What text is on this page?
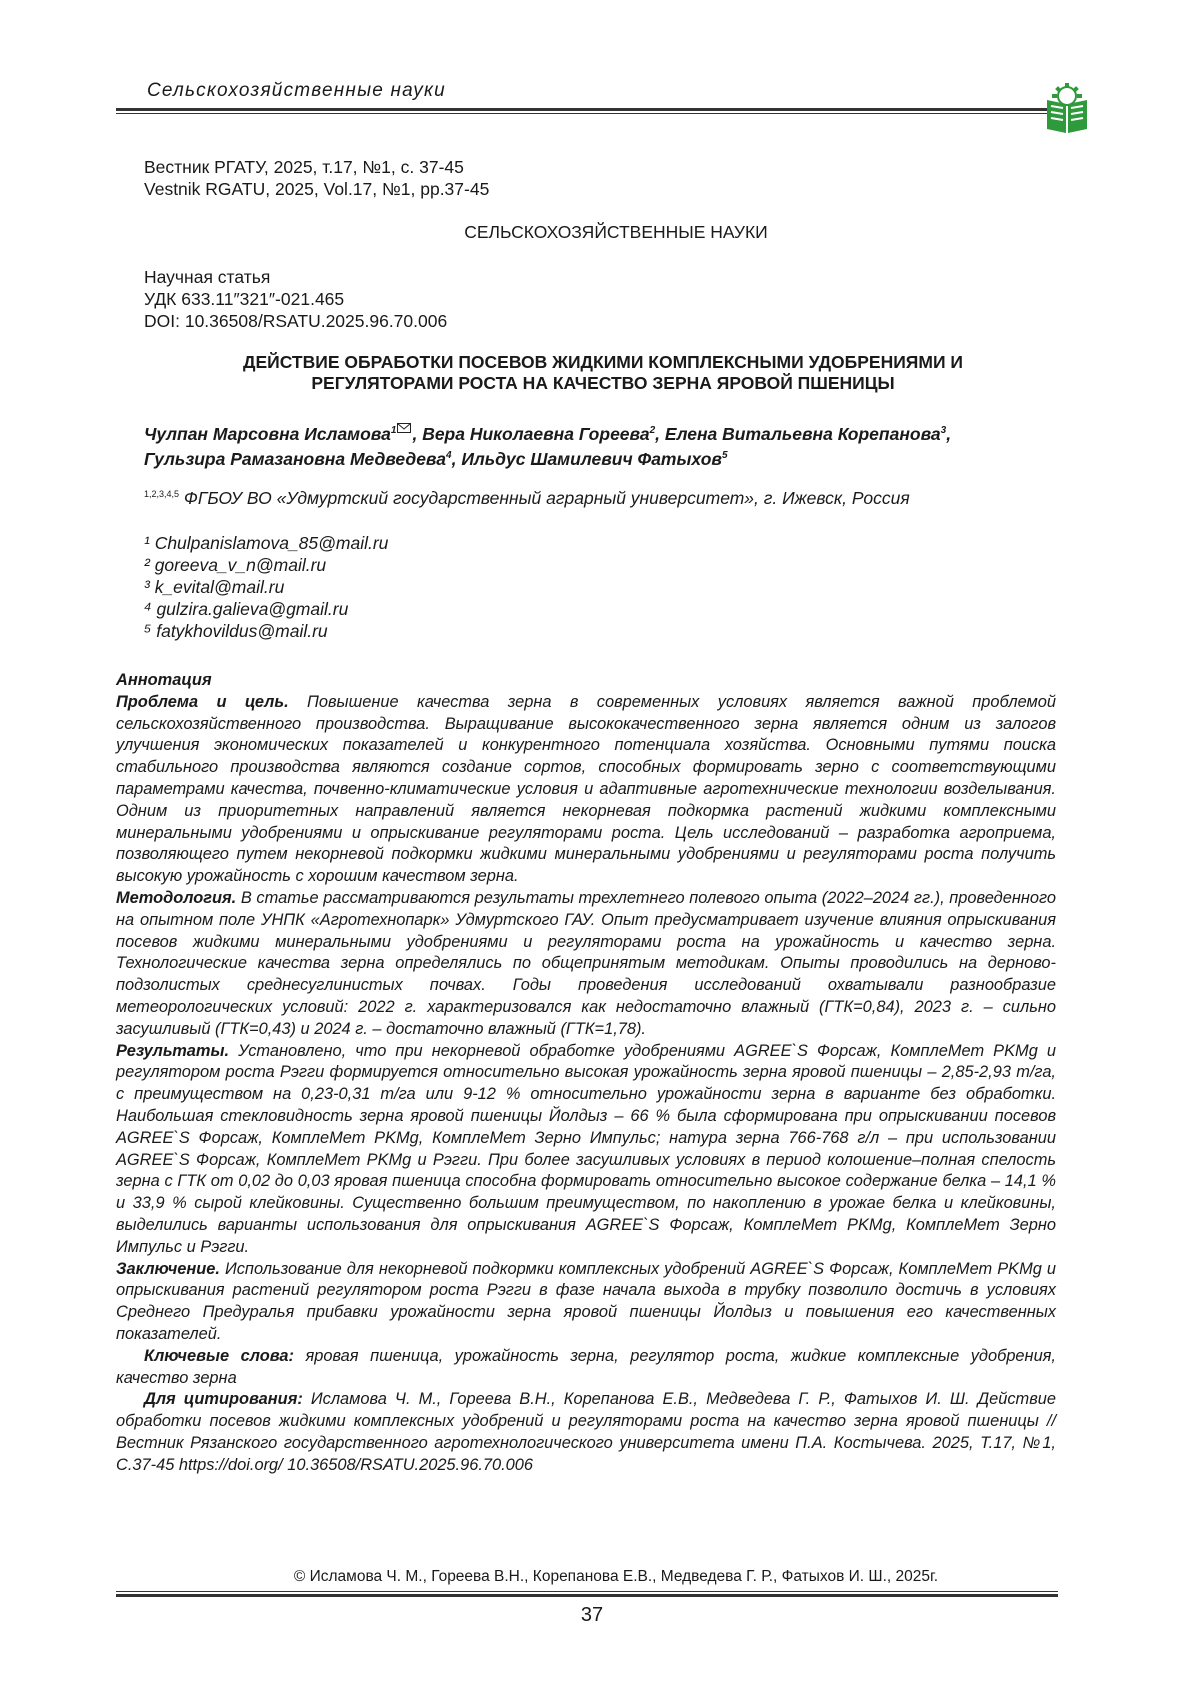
Сельскохозяйственные науки
Вестник РГАТУ, 2025, т.17, №1, с. 37-45
Vestnik RGATU, 2025, Vol.17, №1, pp.37-45
СЕЛЬСКОХОЗЯЙСТВЕННЫЕ НАУКИ
Научная статья
УДК 633.11″321″-021.465
DOI: 10.36508/RSATU.2025.96.70.006
ДЕЙСТВИЕ ОБРАБОТКИ ПОСЕВОВ ЖИДКИМИ КОМПЛЕКСНЫМИ УДОБРЕНИЯМИ И
РЕГУЛЯТОРАМИ РОСТА НА КАЧЕСТВО ЗЕРНА ЯРОВОЙ ПШЕНИЦЫ
Чулпан Марсовна Исламова$^1$ , Вера Николаевна Гореева$^2$, Елена Витальевна Корепанова$^3$,
Гульзира Рамазановна Медведева$^4$, Ильдус Шамилевич Фатыхов$^5$
$^{1,2,3,4,5}$ ФГБОУ ВО «Удмуртский государственный аграрный университет», г. Ижевск, Россия
¹ Chulpanislamova_85@mail.ru
² goreeva_v_n@mail.ru
³ k_evital@mail.ru
⁴ gulzira.galieva@gmail.ru
⁵ fatykhovildus@mail.ru

Аннотация

Проблема и цель. Повышение качества зерна в современных условиях является важной проблемой сельскохозяйственного производства. Выращивание высококачественного зерна является одним из залогов улучшения экономических показателей и конкурентного потенциала хозяйства. Основными путями поиска стабильного производства являются создание сортов, способных формировать зерно с соответствующими параметрами качества, почвенно-климатические условия и адаптивные агротехнические технологии возделывания. Одним из приоритетных направлений является некорневая подкормка растений жидкими комплексными минеральными удобрениями и опрыскивание регуляторами роста. Цель исследований – разработка агроприема, позволяющего путем некорневой подкормки жидкими минеральными удобрениями и регуляторами роста получить высокую урожайность с хорошим качеством зерна.

Методология. В статье рассматриваются результаты трехлетнего полевого опыта (2022–2024 гг.), проведенного на опытном поле УНПК «Агротехнопарк» Удмуртского ГАУ. Опыт предусматривает изучение влияния опрыскивания посевов жидкими минеральными удобрениями и регуляторами роста на урожайность и качество зерна. Технологические качества зерна определялись по общепринятым методикам. Опыты проводились на дерново-подзолистых среднесуглинистых почвах. Годы проведения исследований охватывали разнообразие метеорологических условий: 2022 г. характеризовался как недостаточно влажный (ГТК=0,84), 2023 г. – сильно засушливый (ГТК=0,43) и 2024 г. – достаточно влажный (ГТК=1,78).

Результаты. Установлено, что при некорневой обработке удобрениями AGREE`S Форсаж, КомплеМет PKMg и регулятором роста Рэгги формируется относительно высокая урожайность зерна яровой пшеницы – 2,85-2,93 т/га, с преимуществом на 0,23-0,31 т/га или 9-12 % относительно урожайности зерна в варианте без обработки. Наибольшая стекловидность зерна яровой пшеницы Йолдыз – 66 % была сформирована при опрыскивании посевов AGREE`S Форсаж, КомплеМет PKMg, КомплеМет Зерно Импульс; натура зерна 766-768 г/л – при использовании AGREE`S Форсаж, КомплеМет PKMg и Рэгги. При более засушливых условиях в период колошение–полная спелость зерна с ГТК от 0,02 до 0,03 яровая пшеница способна формировать относительно высокое содержание белка – 14,1 % и 33,9 % сырой клейковины. Существенно большим преимуществом, по накоплению в урожае белка и клейковины, выделились варианты использования для опрыскивания AGREE`S Форсаж, КомплеМет PKMg, КомплеМет Зерно Импульс и Рэгги.

Заключение. Использование для некорневой подкормки комплексных удобрений AGREE`S Форсаж, КомплеМет PKMg и опрыскивания растений регулятором роста Рэгги в фазе начала выхода в трубку позволило достичь в условиях Среднего Предуралья прибавки урожайности зерна яровой пшеницы Йолдыз и повышения его качественных показателей.

Ключевые слова: яровая пшеница, урожайность зерна, регулятор роста, жидкие комплексные удобрения, качество зерна

Для цитирования: Исламова Ч. М., Гореева В.Н., Корепанова Е.В., Медведева Г. Р., Фатыхов И. Ш. Действие обработки посевов жидкими комплексных удобрений и регуляторами роста на качество зерна яровой пшеницы // Вестник Рязанского государственного агротехнологического университета имени П.А. Костычева. 2025, Т.17, №1, С.37-45 https://doi.org/ 10.36508/RSATU.2025.96.70.006

© Исламова Ч. М., Гореева В.Н., Корепанова Е.В., Медведева Г. Р., Фатыхов И. Ш., 2025г.
37
